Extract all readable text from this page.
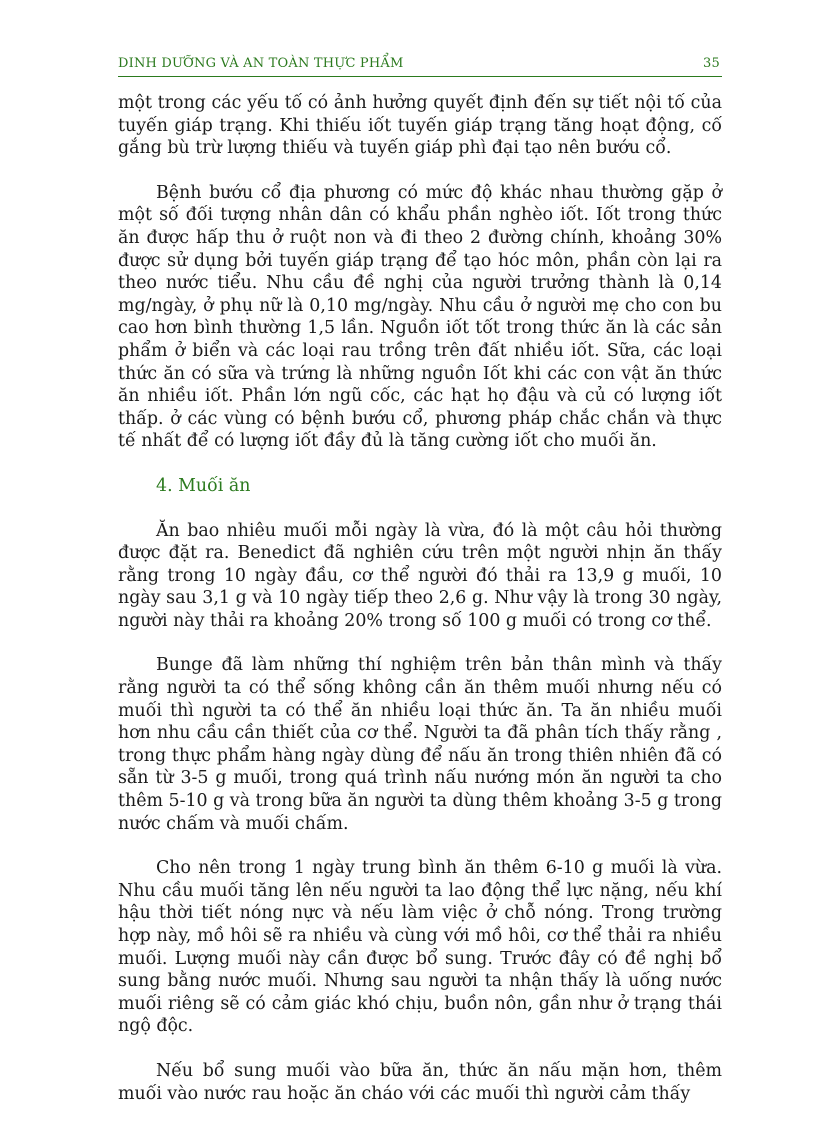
DINH DƯỠNG VÀ AN TOÀN THỰC PHẨM	35

một trong các yếu tố có ảnh hưởng quyết định đến sự tiết nội tố của tuyến giáp trạng. Khi thiếu iốt tuyến giáp trạng tăng hoạt động, cố gắng bù trừ lượng thiếu và tuyến giáp phì đại tạo nên bướu cổ.

Bệnh bướu cổ địa phương có mức độ khác nhau thường gặp ở một số đối tượng nhân dân có khẩu phần nghèo iốt. Iốt trong thức ăn được hấp thu ở ruột non và đi theo 2 đường chính, khoảng 30% được sử dụng bởi tuyến giáp trạng để tạo hóc môn, phần còn lại ra theo nước tiểu. Nhu cầu đề nghị của người trưởng thành là 0,14 mg/ngày, ở phụ nữ là 0,10 mg/ngày. Nhu cầu ở người mẹ cho con bu cao hơn bình thường 1,5 lần. Nguồn iốt tốt trong thức ăn là các sản phẩm ở biển và các loại rau trồng trên đất nhiều iốt. Sữa, các loại thức ăn có sữa và trứng là những nguồn Iốt khi các con vật ăn thức ăn nhiều iốt. Phần lớn ngũ cốc, các hạt họ đậu và củ có lượng iốt thấp. ở các vùng có bệnh bướu cổ, phương pháp chắc chắn và thực tế nhất để có lượng iốt đầy đủ là tăng cường iốt cho muối ăn.

4. Muối ăn

Ăn bao nhiêu muối mỗi ngày là vừa, đó là một câu hỏi thường được đặt ra. Benedict đã nghiên cứu trên một người nhịn ăn thấy rằng trong 10 ngày đầu, cơ thể người đó thải ra 13,9 g muối, 10 ngày sau 3,1 g và 10 ngày tiếp theo 2,6 g. Như vậy là trong 30 ngày, người này thải ra khoảng 20% trong số 100 g muối có trong cơ thể.

Bunge đã làm những thí nghiệm trên bản thân mình và thấy rằng người ta có thể sống không cần ăn thêm muối nhưng nếu có muối thì người ta có thể ăn nhiều loại thức ăn. Ta ăn nhiều muối hơn nhu cầu cần thiết của cơ thể. Người ta đã phân tích thấy rằng , trong thực phẩm hàng ngày dùng để nấu ăn trong thiên nhiên đã có sẵn từ 3-5 g muối, trong quá trình nấu nướng món ăn người ta cho thêm 5-10 g và trong bữa ăn người ta dùng thêm khoảng 3-5 g trong nước chấm và muối chấm.

Cho nên trong 1 ngày trung bình ăn thêm 6-10 g muối là vừa. Nhu cầu muối tăng lên nếu người ta lao động thể lực nặng, nếu khí hậu thời tiết nóng nực và nếu làm việc ở chỗ nóng. Trong trường hợp này, mồ hôi sẽ ra nhiều và cùng với mồ hôi, cơ thể thải ra nhiều muối. Lượng muối này cần được bổ sung. Trước đây có đề nghị bổ sung bằng nước muối. Nhưng sau người ta nhận thấy là uống nước muối riêng sẽ có cảm giác khó chịu, buồn nôn, gần như ở trạng thái ngộ độc.

Nếu bổ sung muối vào bữa ăn, thức ăn nấu mặn hơn, thêm muối vào nước rau hoặc ăn cháo với các muối thì người cảm thấy
